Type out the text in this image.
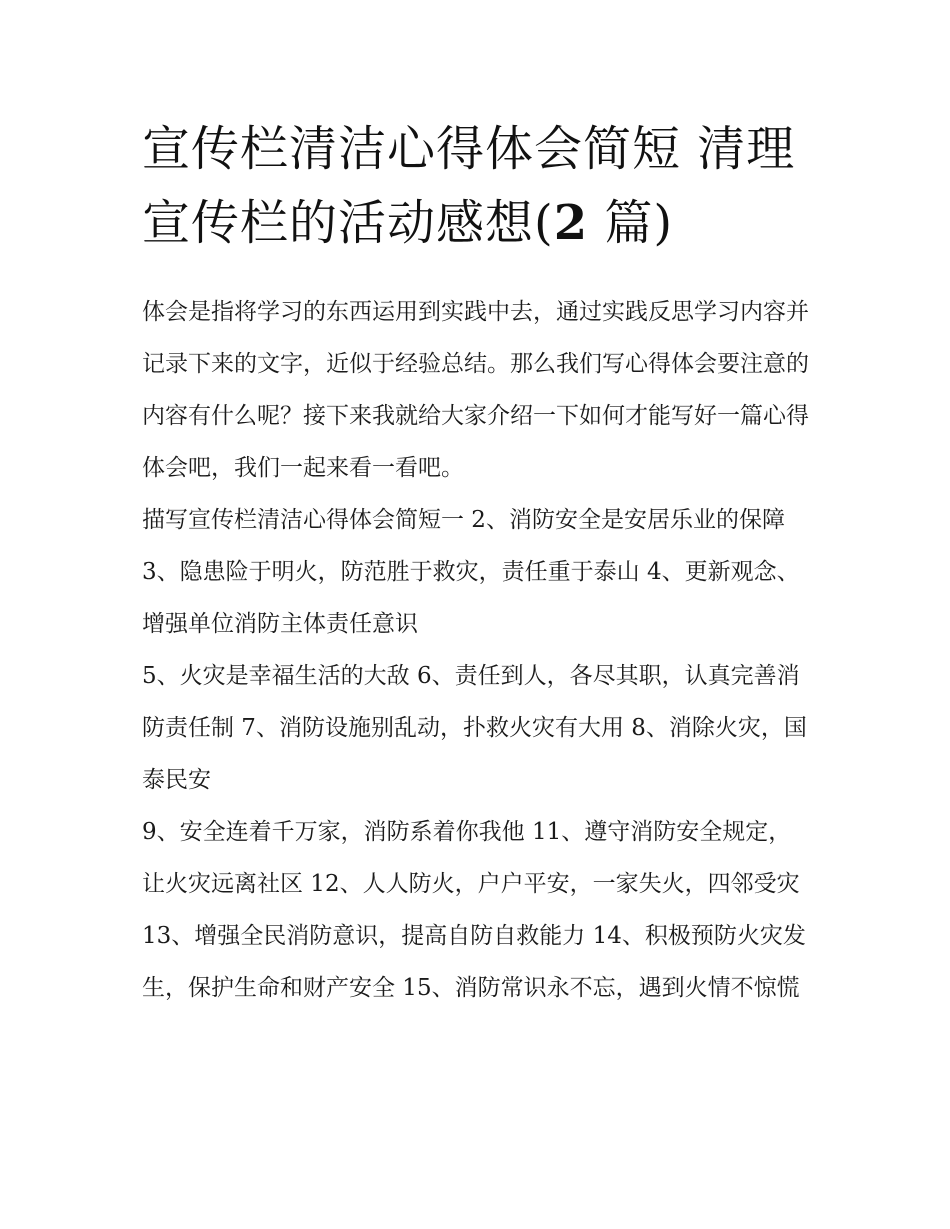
宣传栏清洁心得体会简短 清理宣传栏的活动感想(2 篇)

体会是指将学习的东西运用到实践中去，通过实践反思学习内容并记录下来的文字，近似于经验总结。那么我们写心得体会要注意的内容有什么呢？接下来我就给大家介绍一下如何才能写好一篇心得体会吧，我们一起来看一看吧。

描写宣传栏清洁心得体会简短一 2、消防安全是安居乐业的保障 3、隐患险于明火，防范胜于救灾，责任重于泰山 4、更新观念、增强单位消防主体责任意识

5、火灾是幸福生活的大敌 6、责任到人，各尽其职，认真完善消防责任制 7、消防设施别乱动，扑救火灾有大用 8、消除火灾，国泰民安

9、安全连着千万家，消防系着你我他 11、遵守消防安全规定，让火灾远离社区 12、人人防火，户户平安，一家失火，四邻受灾

13、增强全民消防意识，提高自防自救能力 14、积极预防火灾发生，保护生命和财产安全 15、消防常识永不忘，遇到火情不惊慌
